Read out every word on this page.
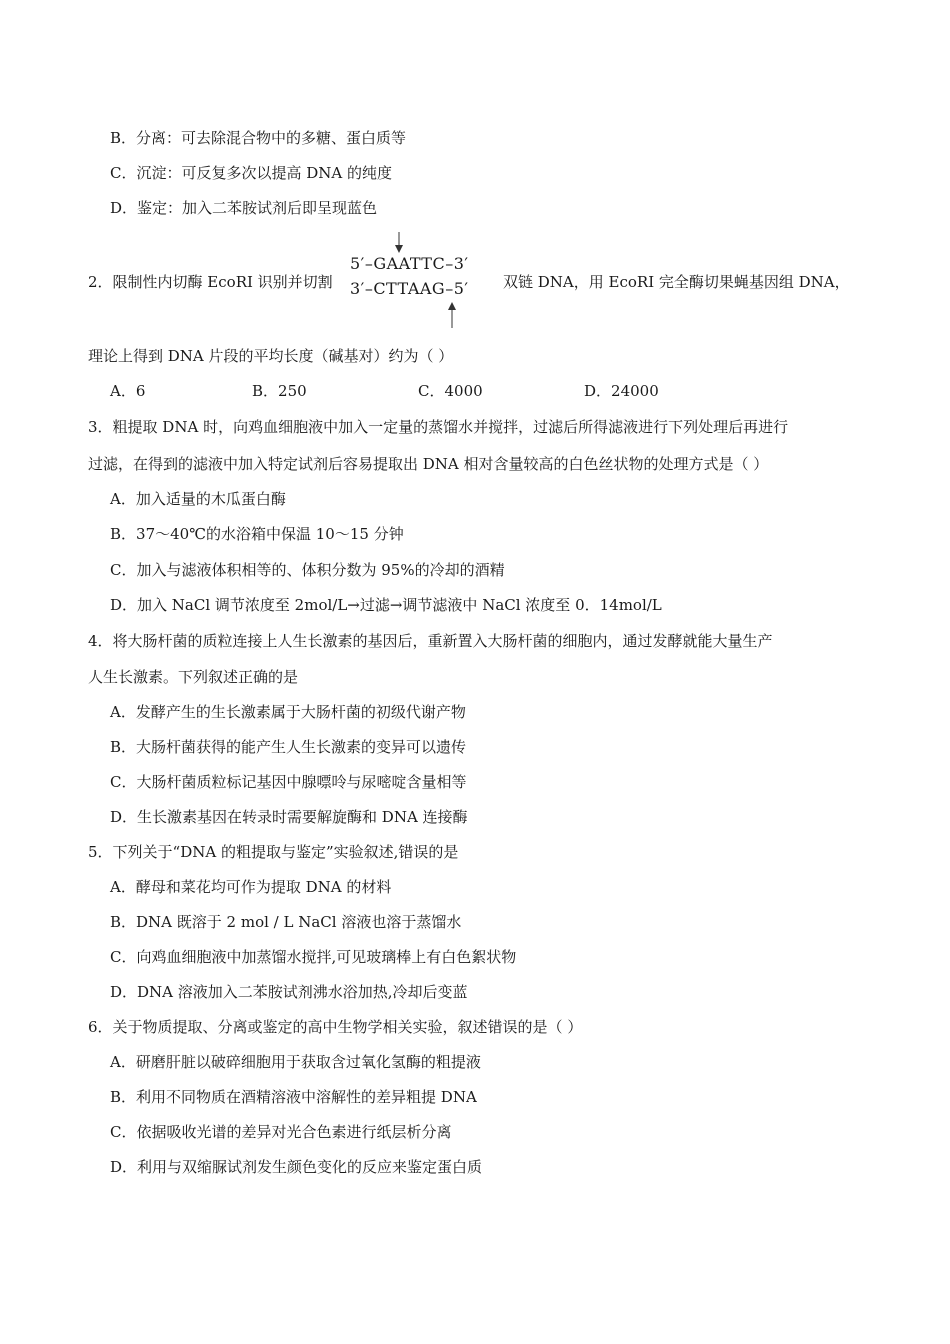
B．分离：可去除混合物中的多糖、蛋白质等
C．沉淀：可反复多次以提高 DNA 的纯度
D．鉴定：加入二苯胺试剂后即呈现蓝色
2．限制性内切酶 EcoRI 识别并切割
5′–GAATTC–3′
3′–CTTAAG–5′ 双链 DNA，用 EcoRI 完全酶切果蝇基因组 DNA，
理论上得到 DNA 片段的平均长度（碱基对）约为（ ）
A．6	B．250	C．4000	D．24000
3．粗提取 DNA 时，向鸡血细胞液中加入一定量的蒸馏水并搅拌，过滤后所得滤液进行下列处理后再进行
过滤，在得到的滤液中加入特定试剂后容易提取出 DNA 相对含量较高的白色丝状物的处理方式是（ ）
A．加入适量的木瓜蛋白酶
B．37～40℃的水浴箱中保温 10～15 分钟
C．加入与滤液体积相等的、体积分数为 95%的冷却的酒精
D．加入 NaCl 调节浓度至 2mol/L→过滤→调节滤液中 NaCl 浓度至 0．14mol/L
4．将大肠杆菌的质粒连接上人生长激素的基因后，重新置入大肠杆菌的细胞内，通过发酵就能大量生产
人生长激素。下列叙述正确的是
A．发酵产生的生长激素属于大肠杆菌的初级代谢产物
B．大肠杆菌获得的能产生人生长激素的变异可以遗传
C．大肠杆菌质粒标记基因中腺嘌呤与尿嘧啶含量相等
D．生长激素基因在转录时需要解旋酶和 DNA 连接酶
5．下列关于“DNA 的粗提取与鉴定”实验叙述,错误的是
A．酵母和菜花均可作为提取 DNA 的材料
B．DNA 既溶于 2 mol / L NaCl 溶液也溶于蒸馏水
C．向鸡血细胞液中加蒸馏水搅拌,可见玻璃棒上有白色絮状物
D．DNA 溶液加入二苯胺试剂沸水浴加热,冷却后变蓝
6．关于物质提取、分离或鉴定的高中生物学相关实验，叙述错误的是（ ）
A．研磨肝脏以破碎细胞用于获取含过氧化氢酶的粗提液
B．利用不同物质在酒精溶液中溶解性的差异粗提 DNA
C．依据吸收光谱的差异对光合色素进行纸层析分离
D．利用与双缩脲试剂发生颜色变化的反应来鉴定蛋白质
